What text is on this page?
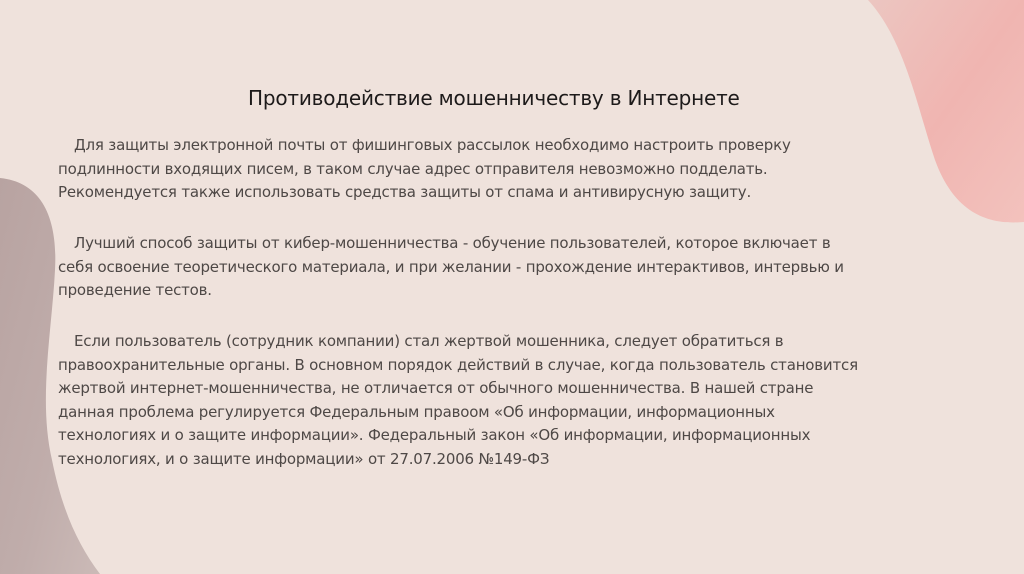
Противодействие мошенничеству в Интернете
Для защиты электронной почты от фишинговых рассылок необходимо настроить проверку
подлинности входящих писем, в таком случае адрес отправителя невозможно подделать.
Рекомендуется также использовать средства защиты от спама и антивирусную защиту.
Лучший способ защиты от кибер-мошенничества - обучение пользователей, которое включает в
себя освоение теоретического материала, и при желании - прохождение интерактивов, интервью и
проведение тестов.
Если пользователь (сотрудник компании) стал жертвой мошенника, следует обратиться в
правоохранительные органы. В основном порядок действий в случае, когда пользователь становится
жертвой интернет-мошенничества, не отличается от обычного мошенничества. В нашей стране
данная проблема регулируется Федеральным правоом «Об информации, информационных
технологиях и о защите информации». Федеральный закон «Об информации, информационных
технологиях, и о защите информации» от 27.07.2006 №149-ФЗ
